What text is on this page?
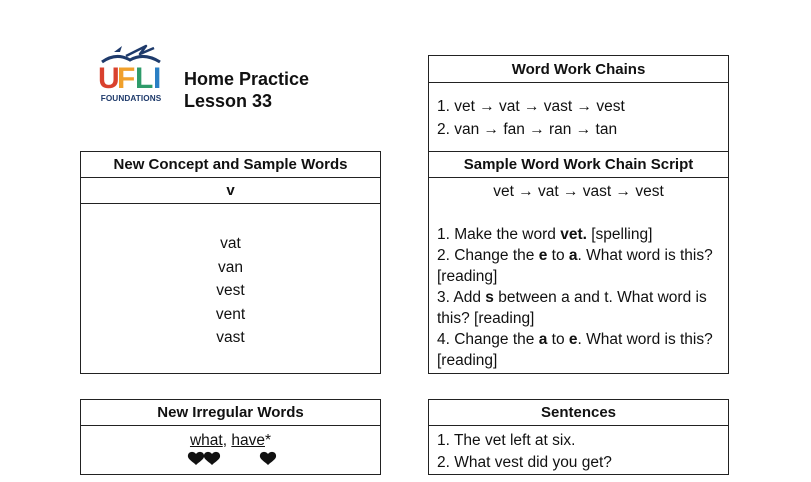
U
F L I
FOUNDATIONS
Home Practice
Lesson 33
New Concept and Sample Words
v
vat
van
vest
vent
vast
New Irregular Words
what, have*
Word Work Chains
1. vet → vat → vast → vest
2. van → fan → ran → tan
Sample Word Work Chain Script
vet → vat → vast → vest
1. Make the word vet. [spelling]
2. Change the e to a. What word is this? [reading]
3. Add s between a and t. What word is this? [reading]
4. Change the a to e. What word is this? [reading]
Sentences
1. The vet left at six.
2. What vest did you get?
